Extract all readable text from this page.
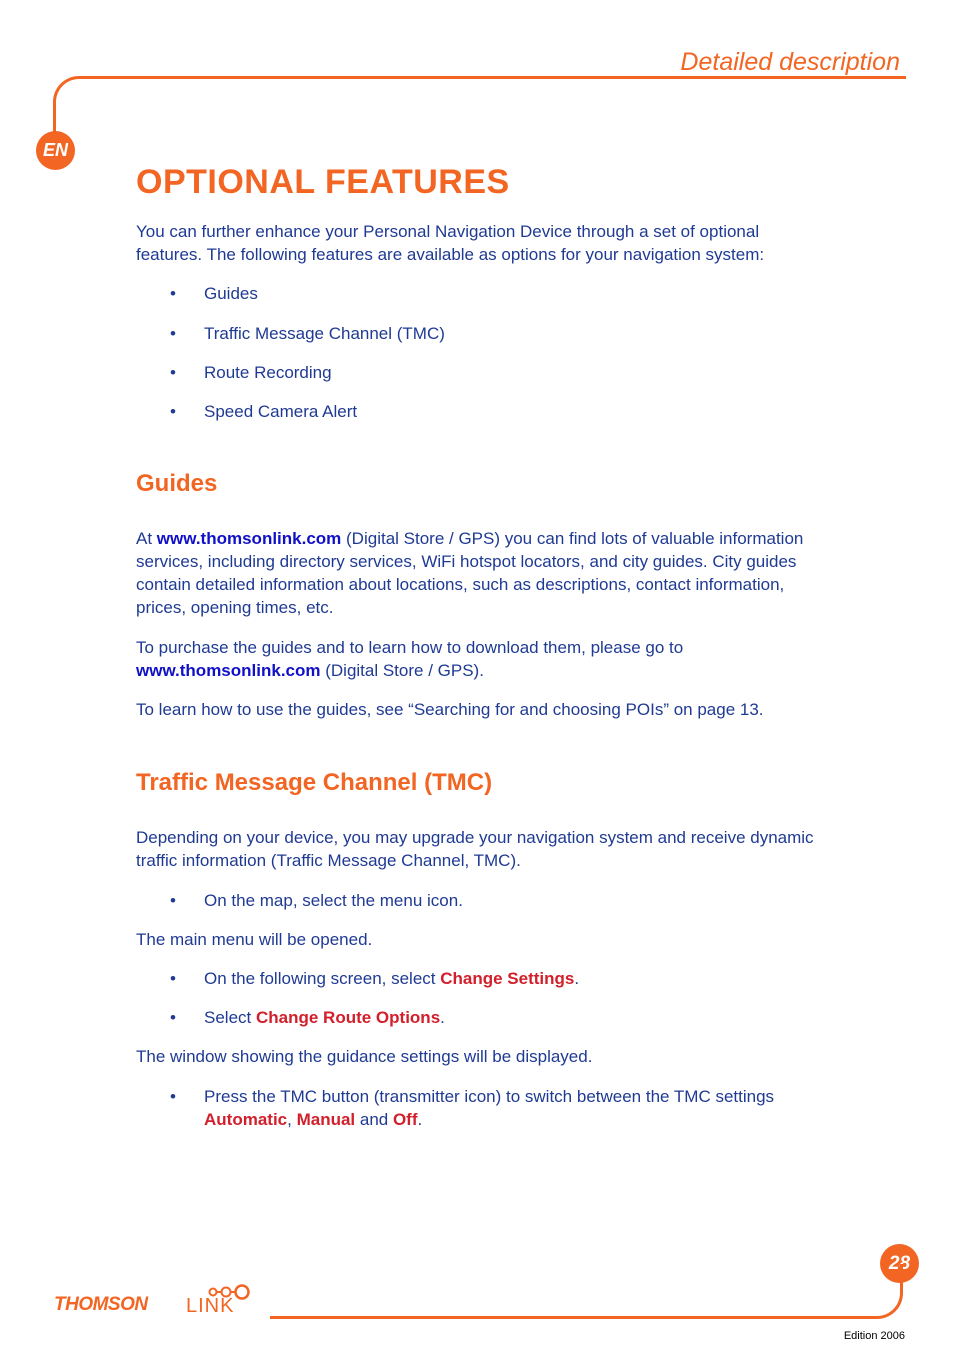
Detailed description
EN
OPTIONAL FEATURES

You can further enhance your Personal Navigation Device through a set of optional features. The following features are available as options for your navigation system:

• Guides
• Traffic Message Channel (TMC)
• Route Recording
• Speed Camera Alert
Guides

At www.thomsonlink.com (Digital Store / GPS) you can find lots of valuable information services, including directory services, WiFi hotspot locators, and city guides. City guides contain detailed information about locations, such as descriptions, contact information, prices, opening times, etc.

To purchase the guides and to learn how to download them, please go to www.thomsonlink.com (Digital Store / GPS).

To learn how to use the guides, see “Searching for and choosing POIs” on page 13.

Traffic Message Channel (TMC)

Depending on your device, you may upgrade your navigation system and receive dynamic traffic information (Traffic Message Channel, TMC).

• On the map, select the menu icon.

The main menu will be opened.

• On the following screen, select Change Settings.
• Select Change Route Options.

The window showing the guidance settings will be displayed.

• Press the TMC button (transmitter icon) to switch between the TMC settings Automatic, Manual and Off.
28
THOMSON LINK
Edition 2006
